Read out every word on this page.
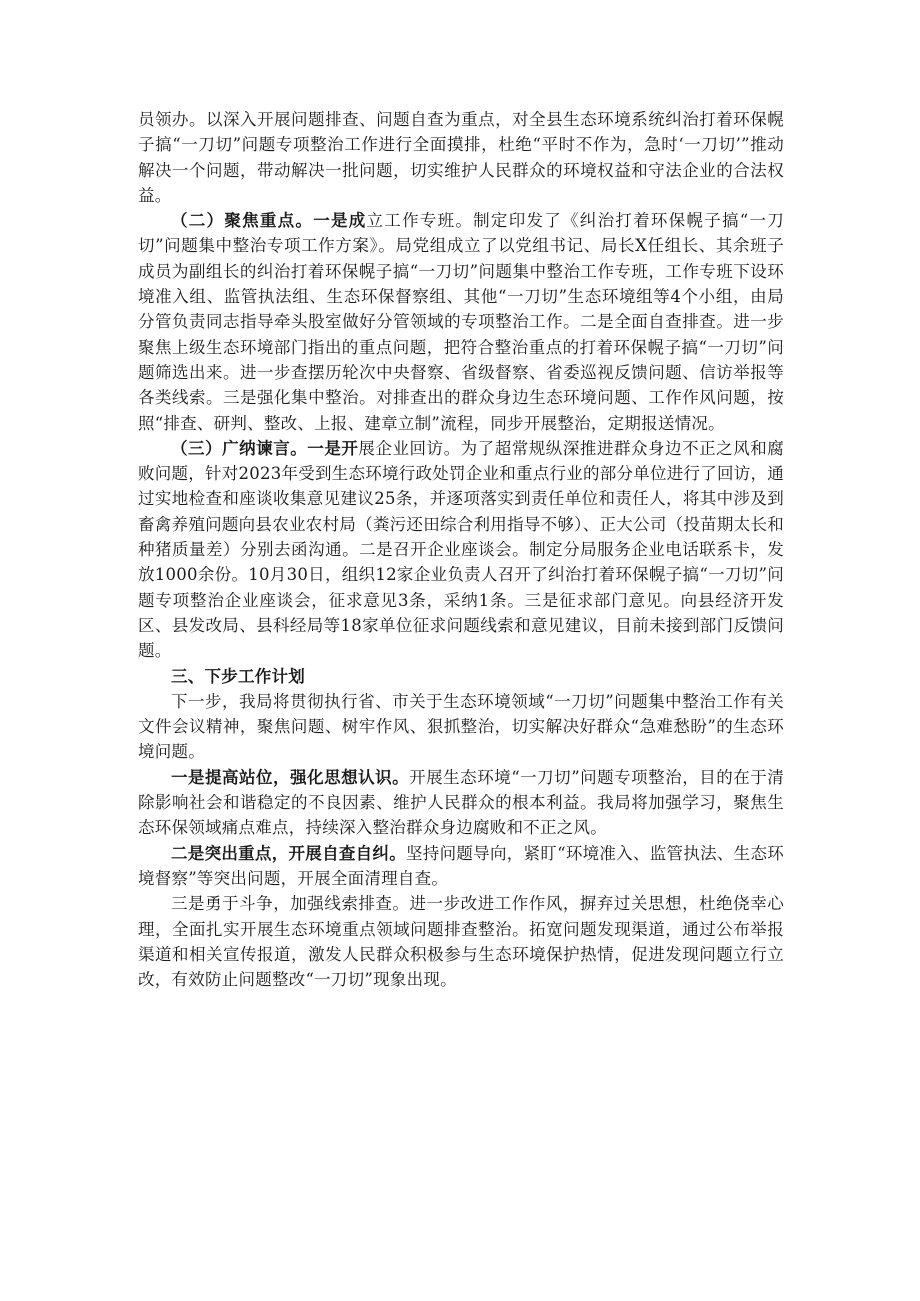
员领办。以深入开展问题排查、问题自查为重点，对全县生态环境系统纠治打着环保幌子搞“一刀切”问题专项整治工作进行全面摸排，杜绝“平时不作为，急时‘一刀切’”推动解决一个问题，带动解决一批问题，切实维护人民群众的环境权益和守法企业的合法权益。

（二）聚焦重点。一是成立工作专班。制定印发了《纠治打着环保幌子搞“一刀切”问题集中整治专项工作方案》。局党组成立了以党组书记、局长X任组长、其余班子成员为副组长的纠治打着环保幌子搞“一刀切”问题集中整治工作专班，工作专班下设环境准入组、监管执法组、生态环保督察组、其他“一刀切”生态环境组等4个小组，由局分管负责同志指导牵头股室做好分管领域的专项整治工作。二是全面自查排查。进一步聚焦上级生态环境部门指出的重点问题，把符合整治重点的打着环保幌子搞“一刀切”问题筛选出来。进一步查摆历轮次中央督察、省级督察、省委巡视反馈问题、信访举报等各类线索。三是强化集中整治。对排查出的群众身边生态环境问题、工作作风问题，按照“排查、研判、整改、上报、建章立制”流程，同步开展整治，定期报送情况。

（三）广纳谏言。一是开展企业回访。为了超常规纵深推进群众身边不正之风和腐败问题，针对2023年受到生态环境行政处罚企业和重点行业的部分单位进行了回访，通过实地检查和座谈收集意见建议25条，并逐项落实到责任单位和责任人，将其中涉及到畜禽养殖问题向县农业农村局（粪污还田综合利用指导不够）、正大公司（投苗期太长和种猪质量差）分别去函沟通。二是召开企业座谈会。制定分局服务企业电话联系卡，发放1000余份。10月30日，组织12家企业负责人召开了纠治打着环保幌子搞“一刀切”问题专项整治企业座谈会，征求意见3条，采纳1条。三是征求部门意见。向县经济开发区、县发改局、县科经局等18家单位征求问题线索和意见建议，目前未接到部门反馈问题。

三、下步工作计划

下一步，我局将贯彻执行省、市关于生态环境领域“一刀切”问题集中整治工作有关文件会议精神，聚焦问题、树牢作风、狠抓整治，切实解决好群众“急难愁盼”的生态环境问题。

一是提高站位，强化思想认识。开展生态环境“一刀切”问题专项整治，目的在于清除影响社会和谐稳定的不良因素、维护人民群众的根本利益。我局将加强学习，聚焦生态环保领域痛点难点，持续深入整治群众身边腐败和不正之风。

二是突出重点，开展自查自纠。坚持问题导向，紧盯“环境准入、监管执法、生态环境督察”等突出问题，开展全面清理自查。

三是勇于斗争，加强线索排查。进一步改进工作作风，摒弃过关思想，杜绝侥幸心理，全面扎实开展生态环境重点领域问题排查整治。拓宽问题发现渠道，通过公布举报渠道和相关宣传报道，激发人民群众积极参与生态环境保护热情，促进发现问题立行立改，有效防止问题整改“一刀切”现象出现。
